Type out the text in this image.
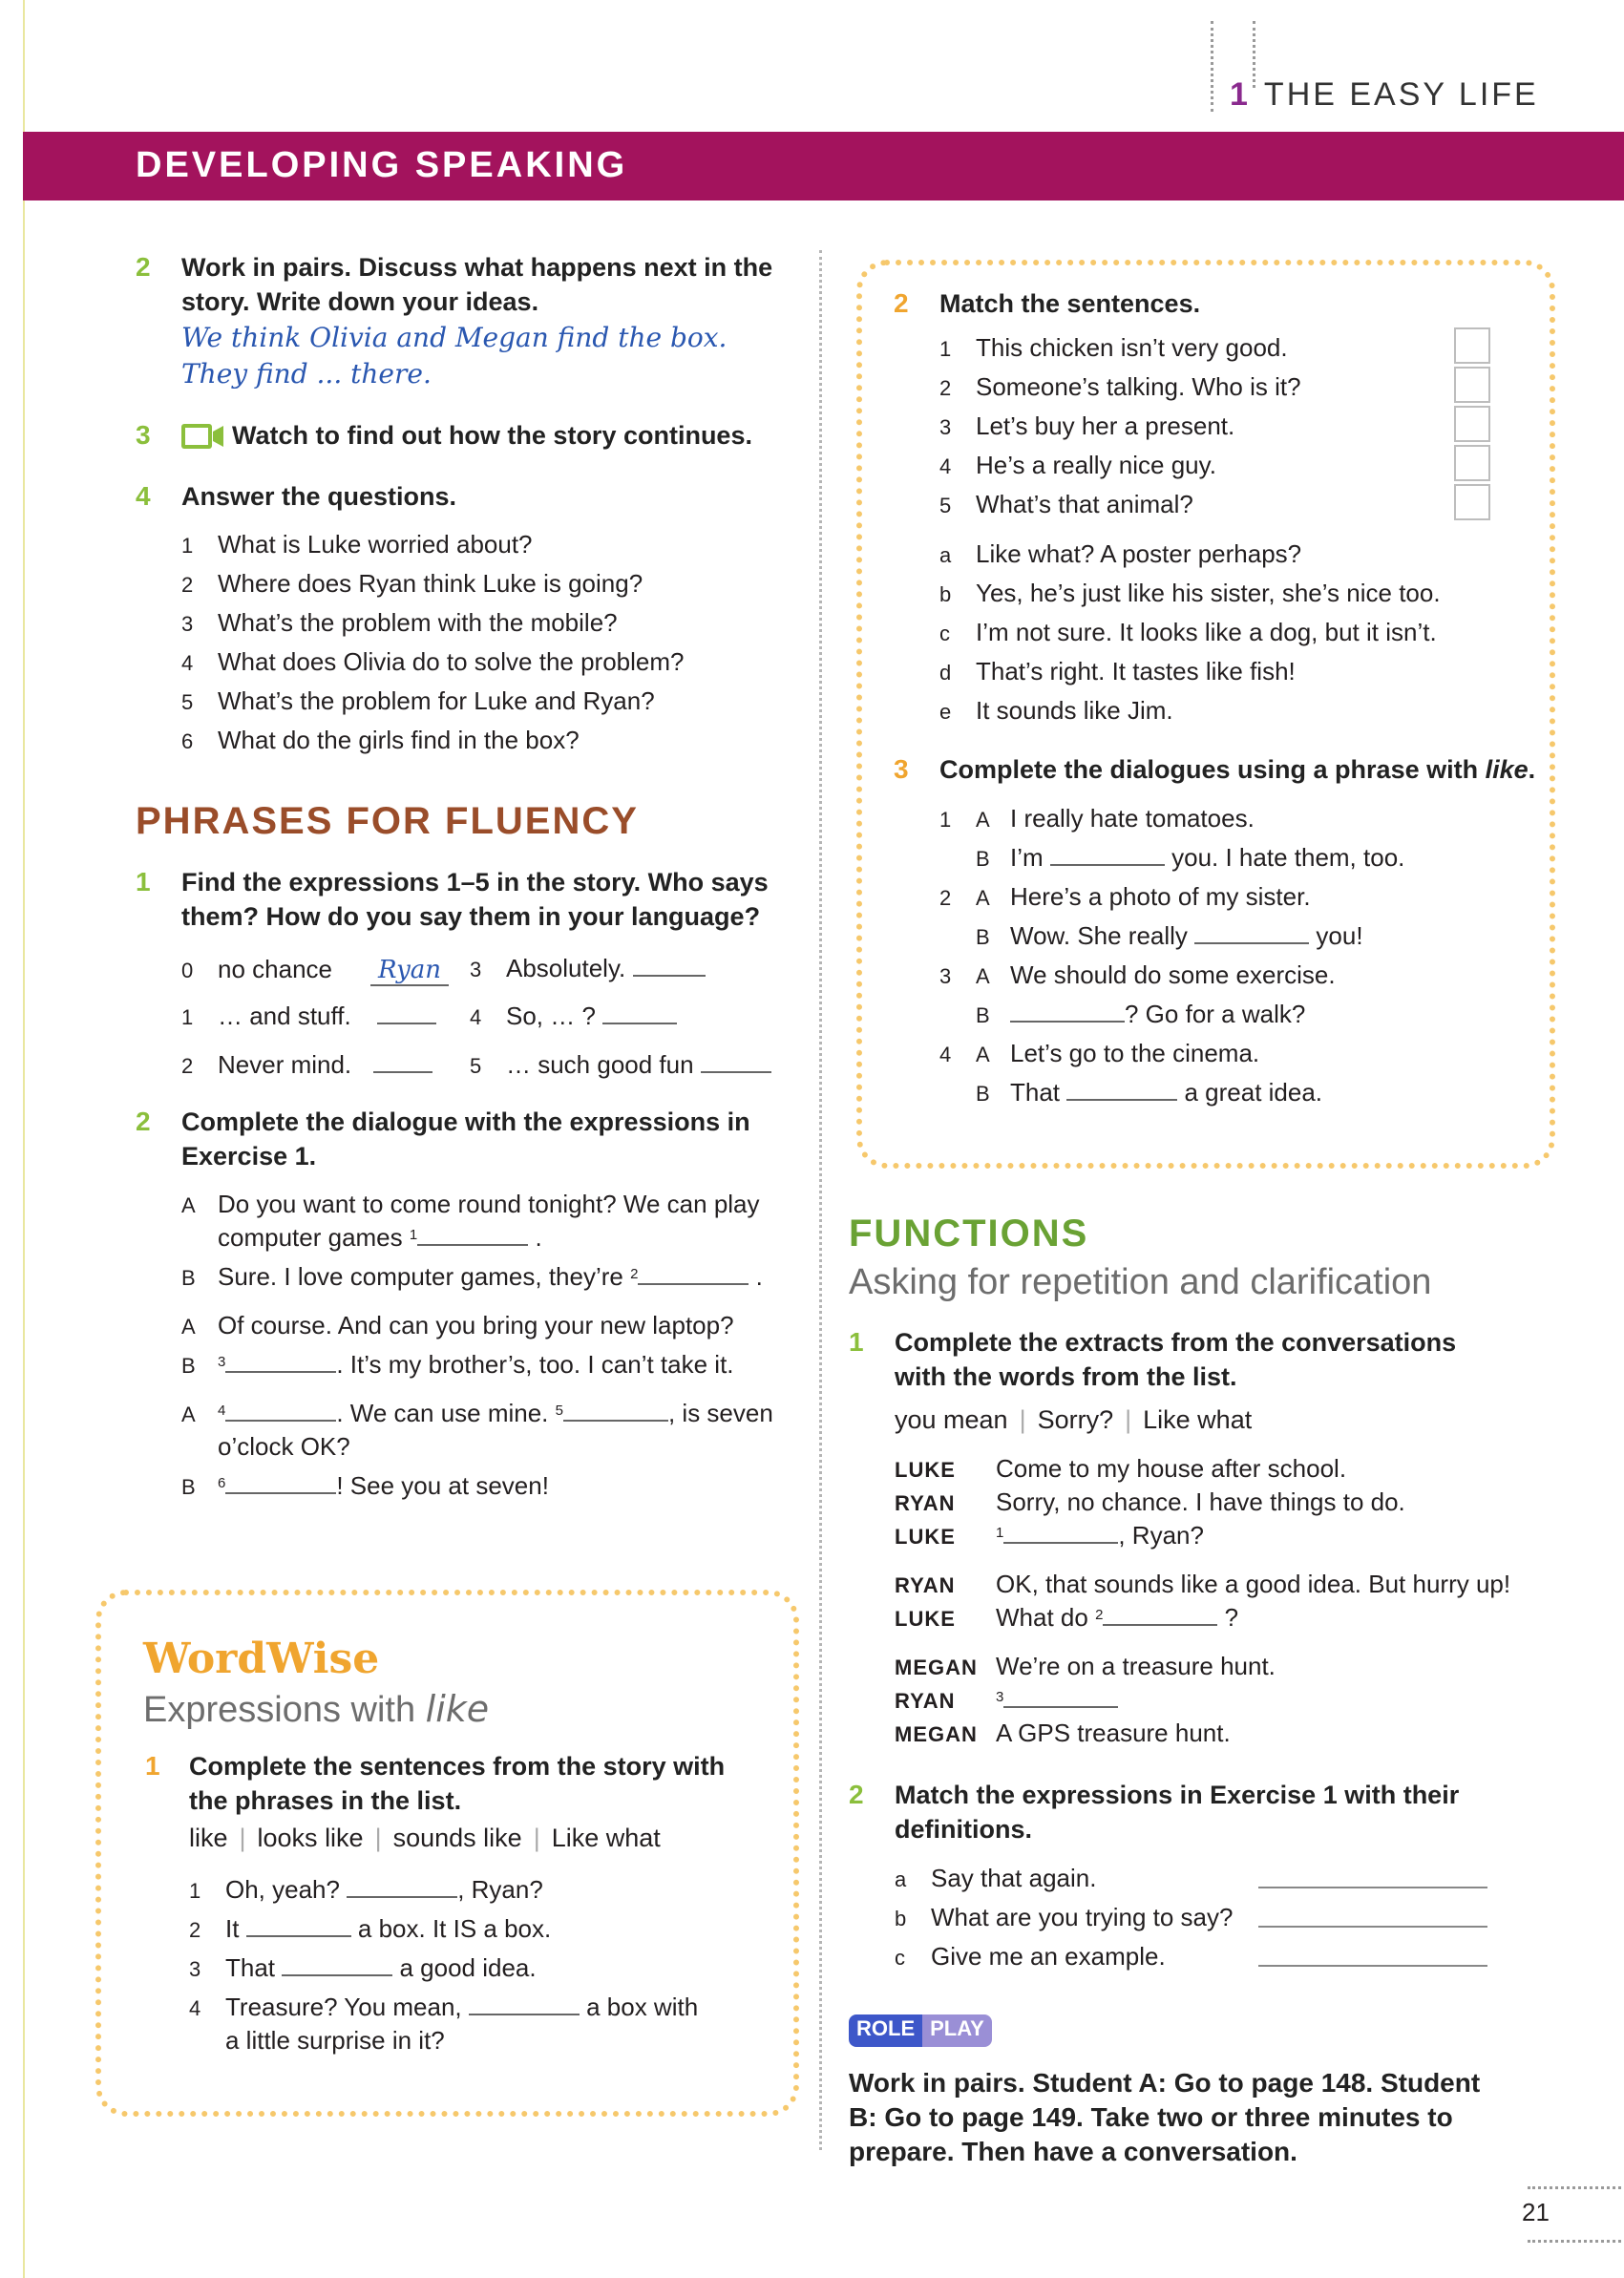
1 THE EASY LIFE
DEVELOPING SPEAKING
2 Work in pairs. Discuss what happens next in the
story. Write down your ideas.
We think Olivia and Megan find the box.
They find ... there.
3	Watch to find out how the story continues.
4 Answer the questions.
1 What is Luke worried about?
2 Where does Ryan think Luke is going?
3 What’s the problem with the mobile?
4 What does Olivia do to solve the problem?
5 What’s the problem for Luke and Ryan?
6 What do the girls find in the box?
PHRASES FOR FLUENCY
1 Find the expressions 1–5 in the story. Who says
them? How do you say them in your language?
0 no chance Ryan	3 Absolutely.
1 … and stuff.	4 So, … ?
2 Never mind.	5 … such good fun
2 Complete the dialogue with the expressions in
Exercise 1.
A Do you want to come round tonight? We can play
computer games $^1$	.
B Sure. I love computer games, they’re $^2$	.
A Of course. And can you bring your new laptop?
B $^3$	. It’s my brother’s, too. I can’t take it.
A $^4$	. We can use mine. $^5$	, is seven
o’clock OK?
B $^6$	! See you at seven!
WordWise
Expressions with like
1 Complete the sentences from the story with
the phrases in the list.
like | looks like | sounds like | Like what
1 Oh, yeah?	, Ryan?
2 It	a box. It IS a box.
3 That	a good idea.
4 Treasure? You mean,	a box with
a little surprise in it?
2 Match the sentences.
1 This chicken isn’t very good.
2 Someone’s talking. Who is it?
3 Let’s buy her a present.
4 He’s a really nice guy.
5 What’s that animal?
a Like what? A poster perhaps?
b Yes, he’s just like his sister, she’s nice too.
c I’m not sure. It looks like a dog, but it isn’t.
d That’s right. It tastes like fish!
e It sounds like Jim.
3 Complete the dialogues using a phrase with like.
1 A I really hate tomatoes.
B I’m	you. I hate them, too.
2 A Here’s a photo of my sister.
B Wow. She really	you!
3 A We should do some exercise.
B	? Go for a walk?
4 A Let’s go to the cinema.
B That	a great idea.
FUNCTIONS
Asking for repetition and clarification
1 Complete the extracts from the conversations
with the words from the list.
you mean | Sorry? | Like what
LUKE Come to my house after school.
RYAN Sorry, no chance. I have things to do.
LUKE	$^1$	, Ryan?
RYAN OK, that sounds like a good idea. But hurry up!
LUKE What do $^2$	?
MEGAN We’re on a treasure hunt.
RYAN	$^3$
MEGAN A GPS treasure hunt.
2 Match the expressions in Exercise 1 with their
definitions.
a Say that again.
b What are you trying to say?
c Give me an example.
ROLE PLAY
Work in pairs. Student A: Go to page 148. Student
B: Go to page 149. Take two or three minutes to
prepare. Then have a conversation.
21
